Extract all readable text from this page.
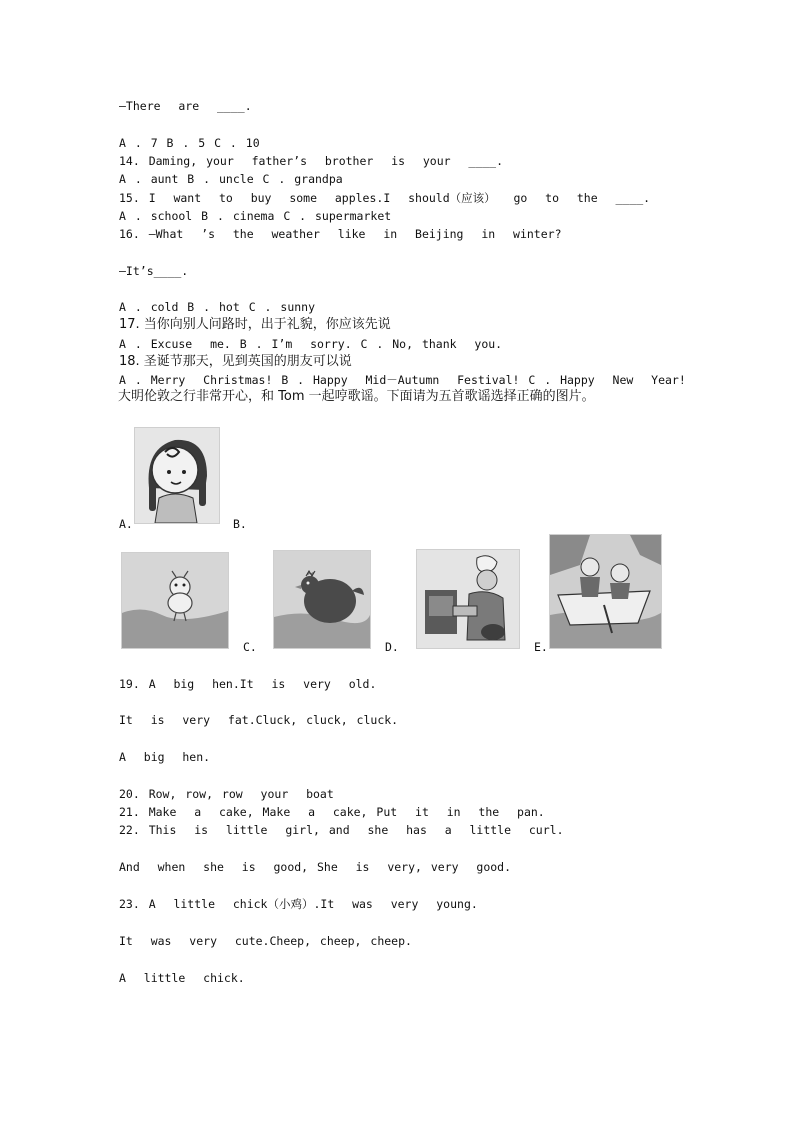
—There  are  ____.
A . 7 B . 5 C . 10
14. Daming, your  father’s  brother  is  your  ____.
A . aunt B . uncle C . grandpa
15. I  want  to  buy  some  apples.I  should（应该）  go  to  the  ____.
A . school B . cinema C . supermarket
16. —What  ’s  the  weather  like  in  Beijing  in  winter?
—It’s____.
A . cold B . hot C . sunny
17. 当你向别人问路时，出于礼貌，你应该先说
A . Excuse  me. B . I’m  sorry. C . No, thank  you.
18. 圣诞节那天，见到英国的朋友可以说
A . Merry  Christmas! B . Happy  Mid－Autumn  Festival! C . Happy  New  Year!
大明伦敦之行非常开心，和 Tom 一起哼歌谣。下面请为五首歌谣选择正确的图片。
A.	B.
C.	D.	E.
19. A  big  hen.It  is  very  old.
It  is  very  fat.Cluck, cluck, cluck.
A  big  hen.
20. Row, row, row  your  boat
21. Make  a  cake, Make  a  cake, Put  it  in  the  pan.
22. This  is  little  girl, and  she  has  a  little  curl.
And  when  she  is  good, She  is  very, very  good.
23. A  little  chick（小鸡）.It  was  very  young.
It  was  very  cute.Cheep, cheep, cheep.
A  little  chick.
